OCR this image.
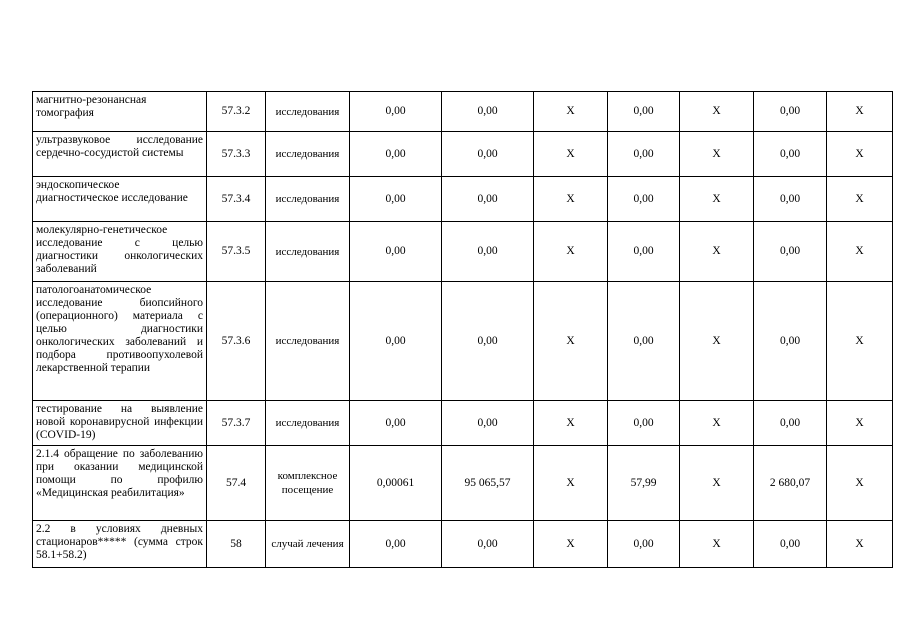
магнитно-резонансная томография	57.3.2	исследования	0,00	0,00	X	0,00	X	0,00	X
ультразвуковое исследование сердечно-сосудистой системы	57.3.3	исследования	0,00	0,00	X	0,00	X	0,00	X
эндоскопическое диагностическое исследование	57.3.4	исследования	0,00	0,00	X	0,00	X	0,00	X
молекулярно-генетическое исследование с целью диагностики онкологических заболеваний	57.3.5	исследования	0,00	0,00	X	0,00	X	0,00	X
патологоанатомическое исследование биопсийного (операционного) материала с целью диагностики онкологических заболеваний и подбора противоопухолевой лекарственной терапии	57.3.6	исследования	0,00	0,00	X	0,00	X	0,00	X
тестирование на выявление новой коронавирусной инфекции (COVID-19)	57.3.7	исследования	0,00	0,00	X	0,00	X	0,00	X
2.1.4 обращение по заболеванию при оказании медицинской помощи по профилю «Медицинская реабилитация»	57.4	комплексное посещение	0,00061	95 065,57	X	57,99	X	2 680,07	X
2.2 в условиях дневных стационаров***** (сумма строк 58.1+58.2)	58	случай лечения	0,00	0,00	X	0,00	X	0,00	X
